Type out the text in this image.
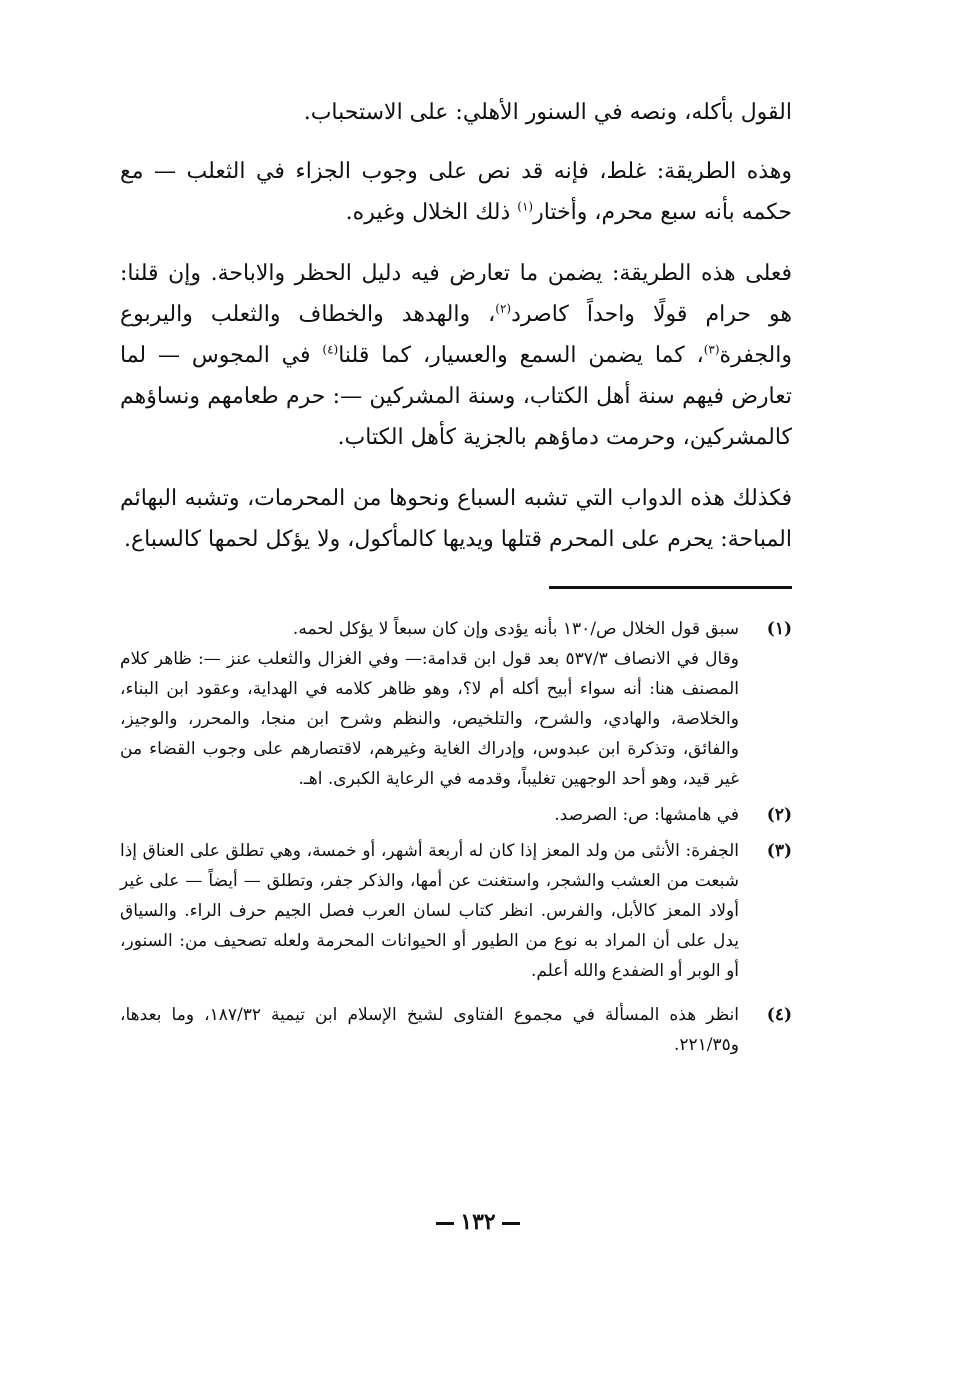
القول بأكله، ونصه في السنور الأهلي: على الاستحباب.

وهذه الطريقة: غلط، فإنه قد نص على وجوب الجزاء في الثعلب — مع حكمه بأنه سبع محرم، وأختار$^{(١)}$ ذلك الخلال وغيره.

فعلى هذه الطريقة: يضمن ما تعارض فيه دليل الحظر والاباحة. وإن قلنا: هو حرام قولًا واحداً كاصرد$^{(٢)}$، والهدهد والخطاف والثعلب واليربوع والجفرة$^{(٣)}$، كما يضمن السمع والعسيار، كما قلنا$^{(٤)}$ في المجوس — لما تعارض فيهم سنة أهل الكتاب، وسنة المشركين —: حرم طعامهم ونساؤهم كالمشركين، وحرمت دماؤهم بالجزية كأهل الكتاب.

فكذلك هذه الدواب التي تشبه السباع ونحوها من المحرمات، وتشبه البهائم المباحة: يحرم على المحرم قتلها ويديها كالمأكول، ولا يؤكل لحمها كالسباع.

(١)
سبق قول الخلال ص/١٣٠ بأنه يؤدى وإن كان سبعاً لا يؤكل لحمه.
وقال في الانصاف ٥٣٧/٣ بعد قول ابن قدامة:— وفي الغزال والثعلب عنز —: ظاهر كلام المصنف هنا: أنه سواء أبيح أكله أم لا؟، وهو ظاهر كلامه في الهداية، وعقود ابن البناء، والخلاصة، والهادي، والشرح، والتلخيص، والنظم وشرح ابن منجا، والمحرر، والوجيز، والفائق، وتذكرة ابن عبدوس، وإدراك الغاية وغيرهم، لاقتصارهم على وجوب القضاء من غير قيد، وهو أحد الوجهين تغليباً، وقدمه في الرعاية الكبرى. اهـ.
(٢)
في هامشها: ص: الصرصد.
(٣)
الجفرة: الأنثى من ولد المعز إذا كان له أربعة أشهر، أو خمسة، وهي تطلق على العناق إذا شبعت من العشب والشجر، واستغنت عن أمها، والذكر جفر، وتطلق — أيضاً — على غير أولاد المعز كالأبل، والفرس. انظر كتاب لسان العرب فصل الجيم حرف الراء. والسياق يدل على أن المراد به نوع من الطيور أو الحيوانات المحرمة ولعله تصحيف من: السنور، أو الوبر أو الضفدع والله أعلم.
(٤)
انظر هذه المسألة في مجموع الفتاوى لشيخ الإسلام ابن تيمية ١٨٧/٣٢، وما بعدها، و٢٢١/٣٥.
١٣٢
